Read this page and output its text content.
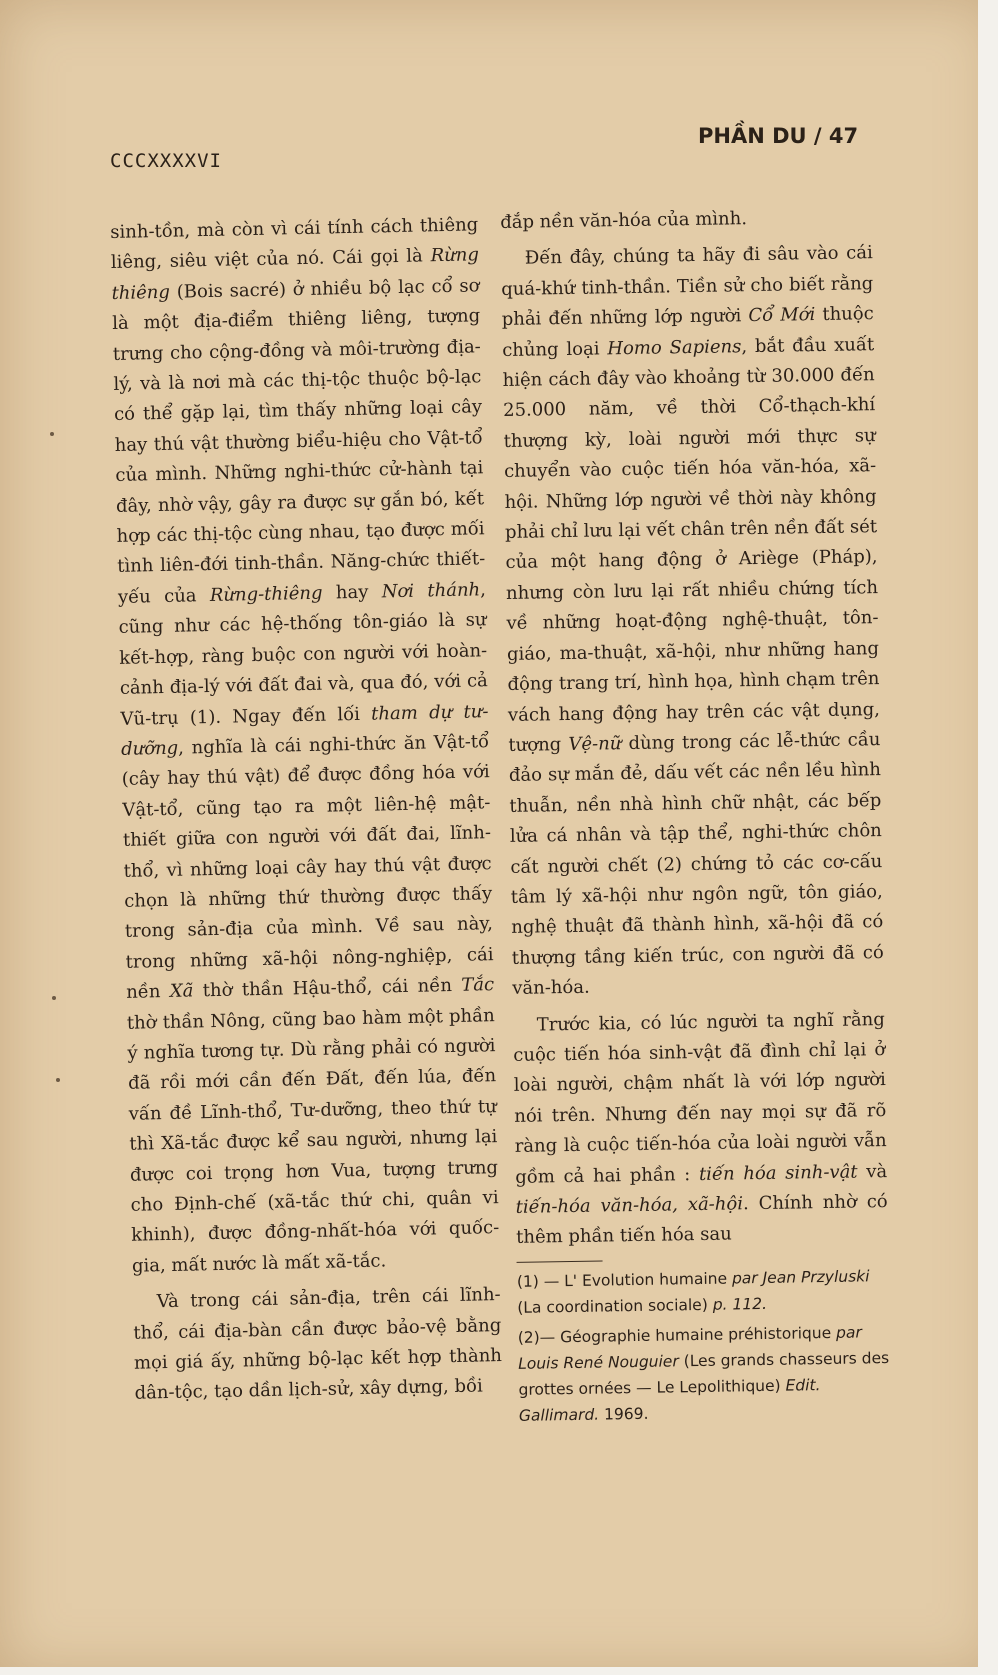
CCCXXXXVI
PHẦN DU / 47

sinh-tồn, mà còn vì cái tính cách thiêng liêng, siêu việt của nó. Cái gọi là Rừng thiêng (Bois sacré) ở nhiều bộ lạc cổ sơ là một địa-điểm thiêng liêng, tượng trưng cho cộng-đồng và môi-trường địa-lý, và là nơi mà các thị-tộc thuộc bộ-lạc có thể gặp lại, tìm thấy những loại cây hay thú vật thường biểu-hiệu cho Vật-tổ của mình. Những nghi-thức cử-hành tại đây, nhờ vậy, gây ra được sự gắn bó, kết hợp các thị-tộc cùng nhau, tạo được mối tình liên-đới tinh-thần. Năng-chức thiết-yếu của Rừng-thiêng hay Nơi thánh, cũng như các hệ-thống tôn-giáo là sự kết-hợp, ràng buộc con người với hoàn-cảnh địa-lý với đất đai và, qua đó, với cả Vũ-trụ (1). Ngay đến lối tham dự tư-dưỡng, nghĩa là cái nghi-thức ăn Vật-tổ (cây hay thú vật) để được đồng hóa với Vật-tổ, cũng tạo ra một liên-hệ mật-thiết giữa con người với đất đai, lĩnh-thổ, vì những loại cây hay thú vật được chọn là những thứ thường được thấy trong sản-địa của mình. Về sau này, trong những xã-hội nông-nghiệp, cái nền Xã thờ thần Hậu-thổ, cái nền Tắc thờ thần Nông, cũng bao hàm một phần ý nghĩa tương tự. Dù rằng phải có người đã rồi mới cần đến Đất, đến lúa, đến vấn đề Lĩnh-thổ, Tư-dưỡng, theo thứ tự thì Xã-tắc được kể sau người, nhưng lại được coi trọng hơn Vua, tượng trưng cho Định-chế (xã-tắc thứ chi, quân vi khinh), được đồng-nhất-hóa với quốc-gia, mất nước là mất xã-tắc.

Và trong cái sản-địa, trên cái lĩnh-thổ, cái địa-bàn cần được bảo-vệ bằng mọi giá ấy, những bộ-lạc kết hợp thành dân-tộc, tạo dần lịch-sử, xây dựng, bồi

đắp nền văn-hóa của mình.

Đến đây, chúng ta hãy đi sâu vào cái quá-khứ tinh-thần. Tiền sử cho biết rằng phải đến những lớp người Cổ Mới thuộc chủng loại Homo Sapiens, bắt đầu xuất hiện cách đây vào khoảng từ 30.000 đến 25.000 năm, về thời Cổ-thạch-khí thượng kỳ, loài người mới thực sự chuyển vào cuộc tiến hóa văn-hóa, xã-hội. Những lớp người về thời này không phải chỉ lưu lại vết chân trên nền đất sét của một hang động ở Ariège (Pháp), nhưng còn lưu lại rất nhiều chứng tích về những hoạt-động nghệ-thuật, tôn-giáo, ma-thuật, xã-hội, như những hang động trang trí, hình họa, hình chạm trên vách hang động hay trên các vật dụng, tượng Vệ-nữ dùng trong các lễ-thức cầu đảo sự mắn đẻ, dấu vết các nền lều hình thuẫn, nền nhà hình chữ nhật, các bếp lửa cá nhân và tập thể, nghi-thức chôn cất người chết (2) chứng tỏ các cơ-cấu tâm lý xã-hội như ngôn ngữ, tôn giáo, nghệ thuật đã thành hình, xã-hội đã có thượng tầng kiến trúc, con người đã có văn-hóa.

Trước kia, có lúc người ta nghĩ rằng cuộc tiến hóa sinh-vật đã đình chỉ lại ở loài người, chậm nhất là với lớp người nói trên. Nhưng đến nay mọi sự đã rõ ràng là cuộc tiến-hóa của loài người vẫn gồm cả hai phần : tiến hóa sinh-vật và tiến-hóa văn-hóa, xã-hội. Chính nhờ có thêm phần tiến hóa sau

(1) — L' Evolution humaine par Jean Przyluski (La coordination sociale) p. 112.

(2)— Géographie humaine préhistorique par Louis René Nouguier (Les grands chasseurs des grottes ornées — Le Lepolithique) Edit. Gallimard. 1969.
